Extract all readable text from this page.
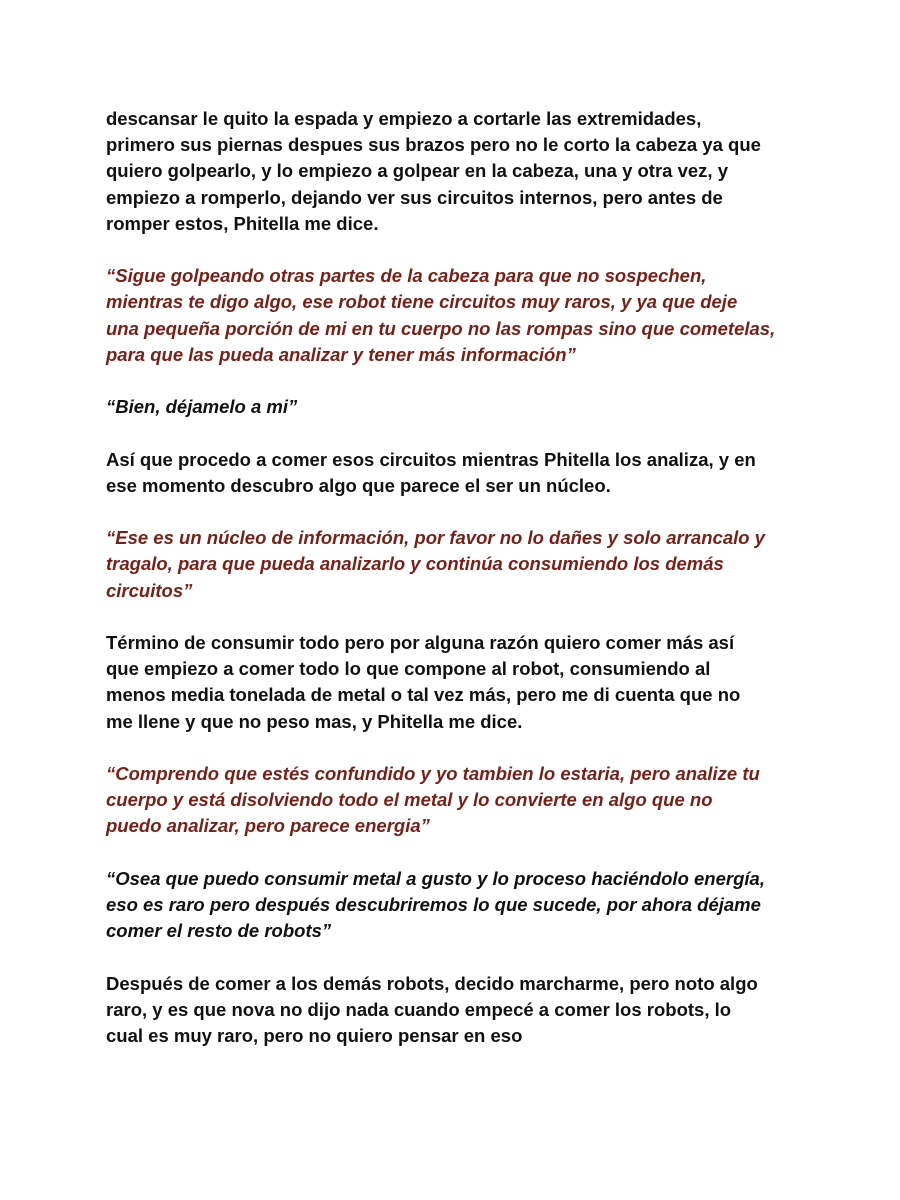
descansar le quito la espada y empiezo a cortarle las extremidades,
primero sus piernas despues sus brazos pero no le corto la cabeza ya que
quiero golpearlo, y lo empiezo a golpear en la cabeza, una y otra vez, y
empiezo a romperlo, dejando ver sus circuitos internos, pero antes de
romper estos, Phitella me dice.

“Sigue golpeando otras partes de la cabeza para que no sospechen,
mientras te digo algo, ese robot tiene circuitos muy raros, y ya que deje
una pequeña porción de mi en tu cuerpo no las rompas sino que cometelas,
para que las pueda analizar y tener más información”

“Bien, déjamelo a mi”

Así que procedo a comer esos circuitos mientras Phitella los analiza, y en
ese momento descubro algo que parece el ser un núcleo.

“Ese es un núcleo de información, por favor no lo dañes y solo arrancalo y
tragalo, para que pueda analizarlo y continúa consumiendo los demás
circuitos”

Término de consumir todo pero por alguna razón quiero comer más así
que empiezo a comer todo lo que compone al robot, consumiendo al
menos media tonelada de metal o tal vez más, pero me di cuenta que no
me llene y que no peso mas, y Phitella me dice.

“Comprendo que estés confundido y yo tambien lo estaria, pero analize tu
cuerpo y está disolviendo todo el metal y lo convierte en algo que no
puedo analizar, pero parece energia”

“Osea que puedo consumir metal a gusto y lo proceso haciéndolo energía,
eso es raro pero después descubriremos lo que sucede, por ahora déjame
comer el resto de robots”

Después de comer a los demás robots, decido marcharme, pero noto algo
raro, y es que nova no dijo nada cuando empecé a comer los robots, lo
cual es muy raro, pero no quiero pensar en eso
